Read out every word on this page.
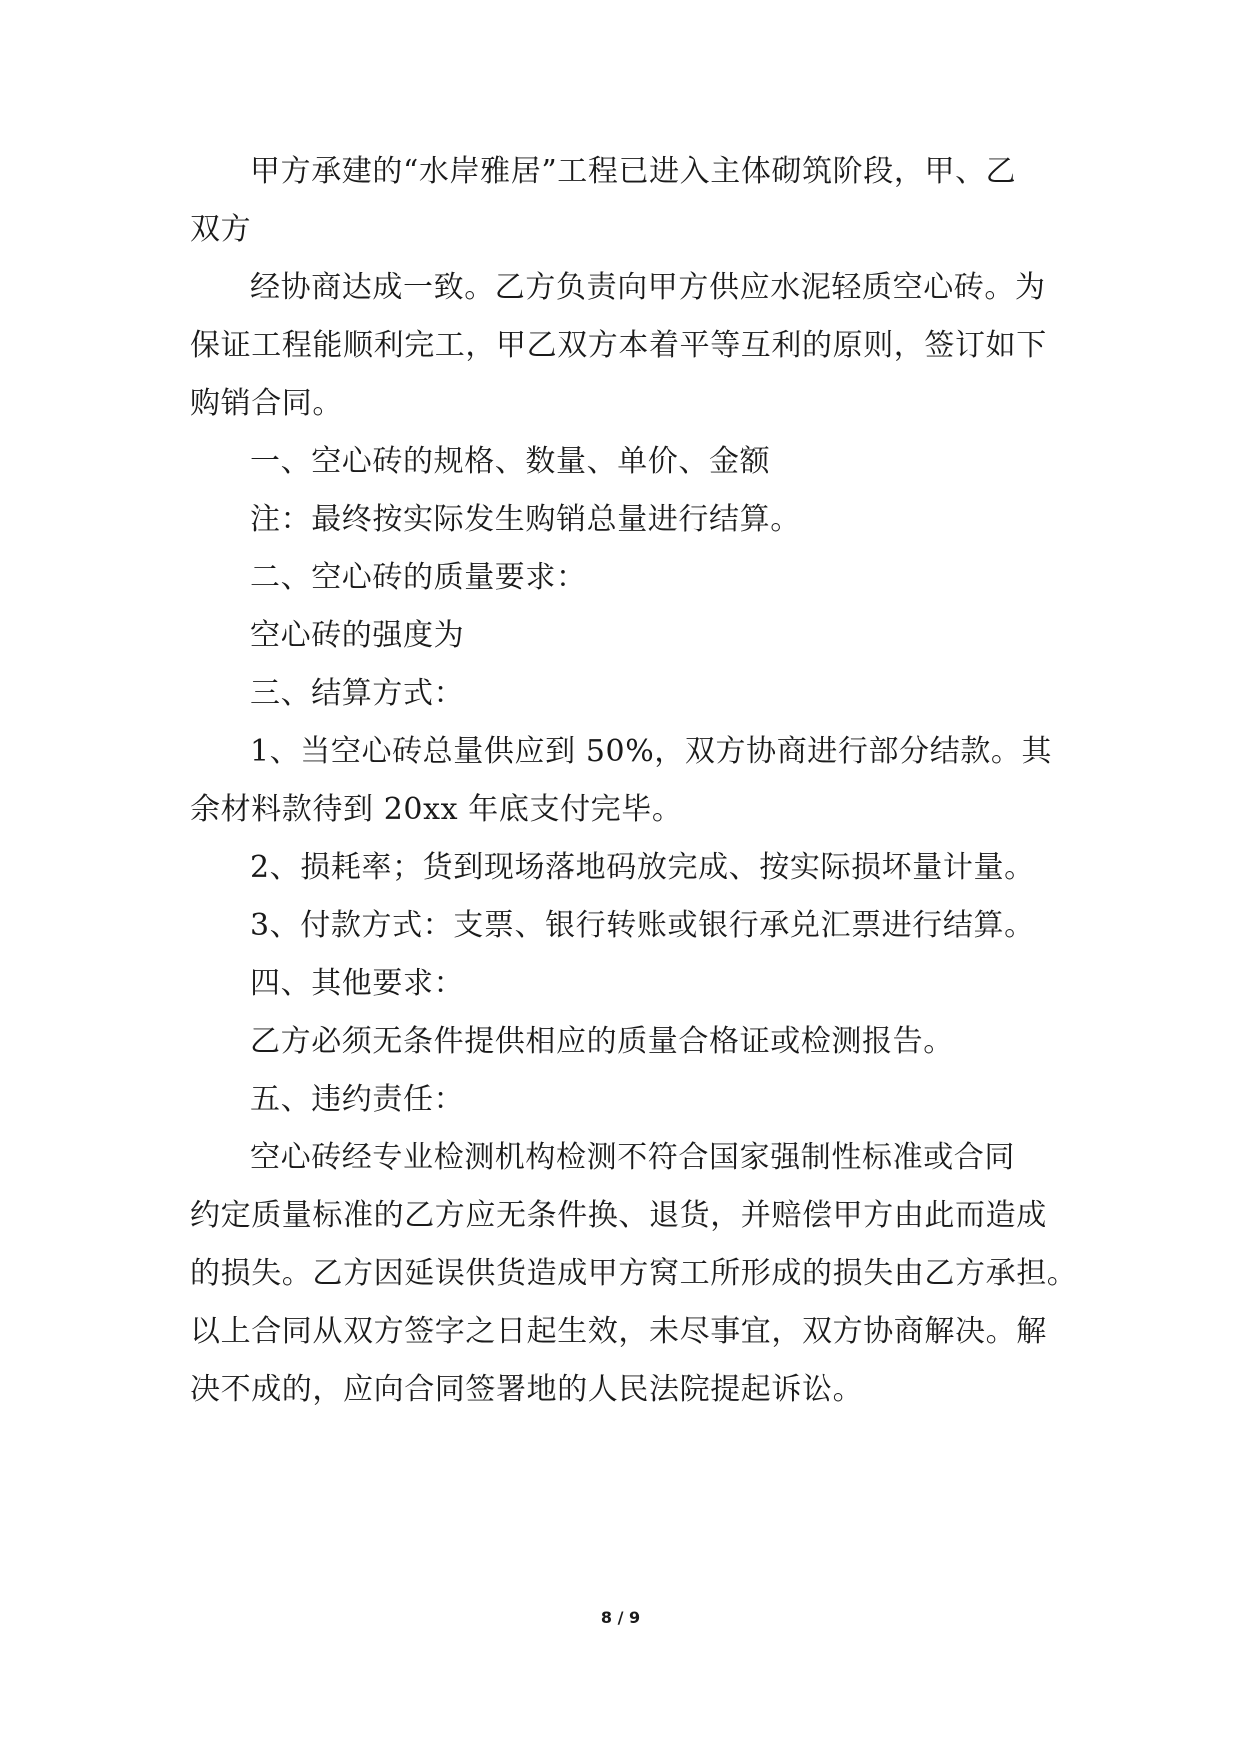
甲方承建的“水岸雅居”工程已进入主体砌筑阶段，甲、乙
双方
经协商达成一致。乙方负责向甲方供应水泥轻质空心砖。为
保证工程能顺利完工，甲乙双方本着平等互利的原则，签订如下
购销合同。
一、空心砖的规格、数量、单价、金额
注：最终按实际发生购销总量进行结算。
二、空心砖的质量要求：
空心砖的强度为
三、结算方式：
1、当空心砖总量供应到 50%，双方协商进行部分结款。其
余材料款待到 20xx 年底支付完毕。
2、损耗率；货到现场落地码放完成、按实际损坏量计量。
3、付款方式：支票、银行转账或银行承兑汇票进行结算。
四、其他要求：
乙方必须无条件提供相应的质量合格证或检测报告。
五、违约责任：
空心砖经专业检测机构检测不符合国家强制性标准或合同
约定质量标准的乙方应无条件换、退货，并赔偿甲方由此而造成
的损失。乙方因延误供货造成甲方窝工所形成的损失由乙方承担。
以上合同从双方签字之日起生效，未尽事宜，双方协商解决。解
决不成的，应向合同签署地的人民法院提起诉讼。
8 / 9
